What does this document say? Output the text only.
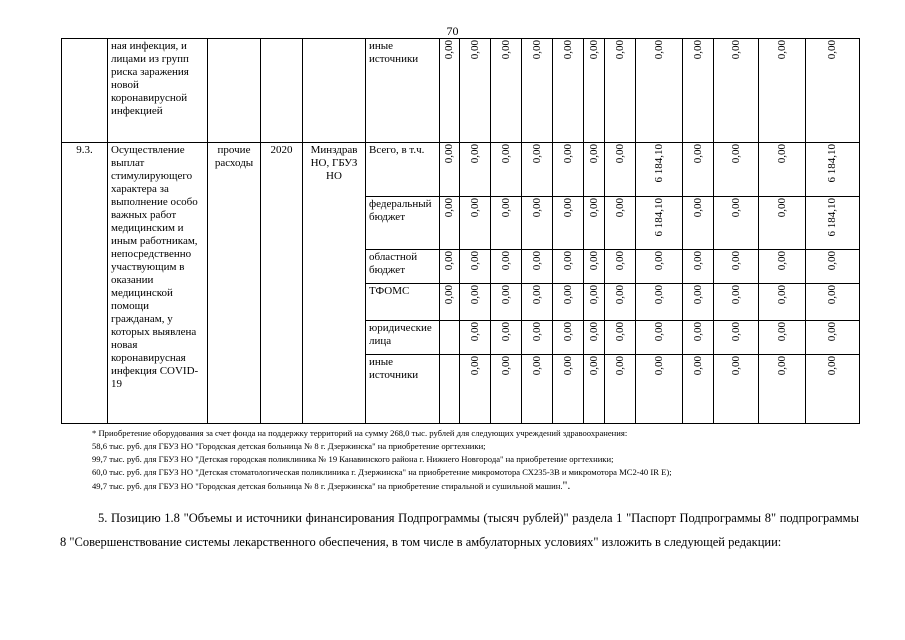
70
	ная инфекция, и лицами из групп риска заражения новой коронавирусной инфекцией				иные источники	0,00	0,00	0,00	0,00	0,00	0,00	0,00	0,00	0,00	0,00	0,00	0,00
9.3.	Осуществление выплат стимулирующего характера за выполнение особо важных работ медицинским и иным работникам, непосредственно участвующим в оказании медицинской помощи гражданам, у которых выявлена новая коронавирусная инфекция COVID-19	прочие расходы	2020	Минздрав НО, ГБУЗ НО	Всего, в т.ч.	0,00	0,00	0,00	0,00	0,00	0,00	0,00	6 184,10	0,00	0,00	0,00	6 184,10
					федеральный бюджет	0,00	0,00	0,00	0,00	0,00	0,00	0,00	6 184,10	0,00	0,00	0,00	6 184,10
					областной бюджет	0,00	0,00	0,00	0,00	0,00	0,00	0,00	0,00	0,00	0,00	0,00	0,00
					ТФОМС	0,00	0,00	0,00	0,00	0,00	0,00	0,00	0,00	0,00	0,00	0,00	0,00
					юридические лица		0,00	0,00	0,00	0,00	0,00	0,00	0,00	0,00	0,00	0,00	0,00
					иные источники		0,00	0,00	0,00	0,00	0,00	0,00	0,00	0,00	0,00	0,00	0,00
* Приобретение оборудования за счет фонда на поддержку территорий на сумму 268,0 тыс. рублей для следующих учреждений здравоохранения:
58,6 тыс. руб. для ГБУЗ НО "Городская детская больница № 8 г. Дзержинска" на приобретение оргтехники;
99,7 тыс. руб. для ГБУЗ НО "Детская городская поликлиника № 19 Канавинского района г. Нижнего Новгорода" на приобретение оргтехники;
60,0 тыс. руб. для ГБУЗ НО "Детская стоматологическая поликлиника г. Дзержинска" на приобретение микромотора СХ235-3В и микромотора МС2-40 IR Е);
49,7 тыс. руб. для ГБУЗ НО "Городская детская больница № 8 г. Дзержинска" на приобретение стиральной и сушильной машин.".
5. Позицию 1.8 "Объемы и источники финансирования Подпрограммы (тысяч рублей)" раздела 1 "Паспорт Подпрограммы 8" подпрограммы 8 "Совершенствование системы лекарственного обеспечения, в том числе в амбулаторных условиях" изложить в следующей редакции:
